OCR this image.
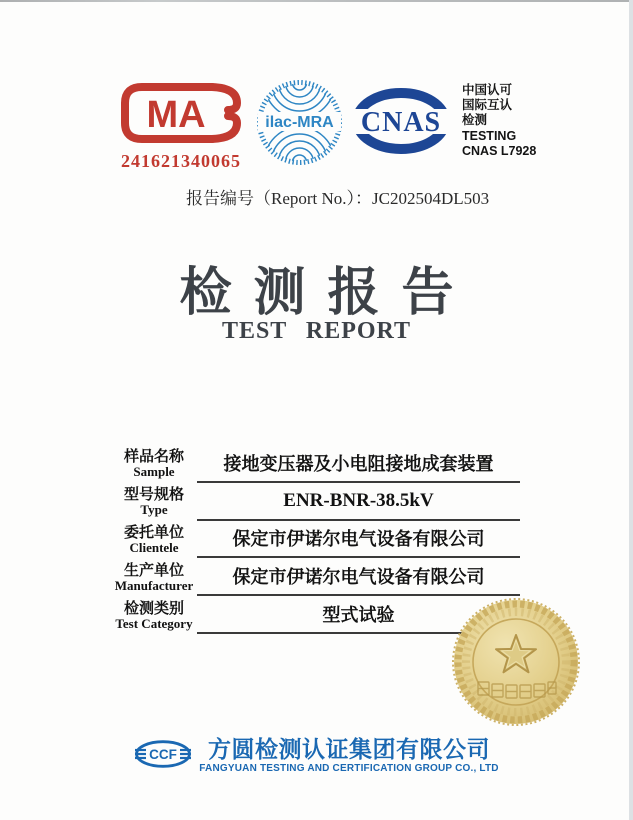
MA
241621340065
ilac-MRA CNAS
中国认可
国际互认
检测
TESTING
CNAS L7928
报告编号（Report No.）：JC202504DL503
检测报告
TEST REPORT
样品名称
Sample	接地变压器及小电阻接地成套装置
型号规格
Type	ENR-BNR-38.5kV
委托单位
Clientele	保定市伊诺尔电气设备有限公司
生产单位
Manufacturer	保定市伊诺尔电气设备有限公司
检测类别
Test Category	型式试验
CCF 方圆检测认证集团有限公司
FANGYUAN TESTING AND CERTIFICATION GROUP CO., LTD
